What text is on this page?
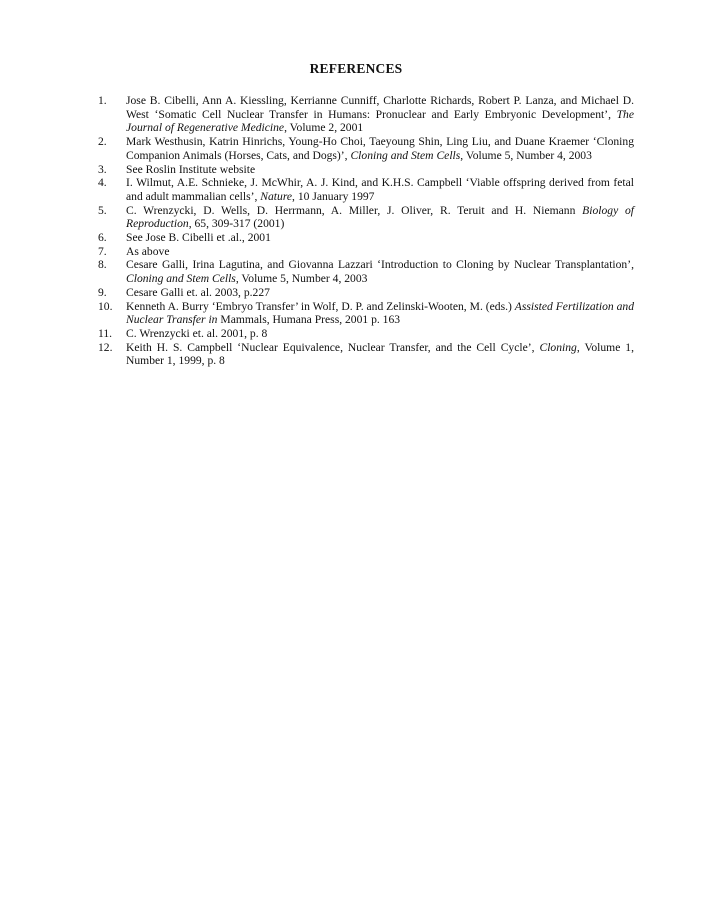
REFERENCES
1.	Jose B. Cibelli, Ann A. Kiessling, Kerrianne Cunniff, Charlotte Richards, Robert P. Lanza, and Michael D. West ‘Somatic Cell Nuclear Transfer in Humans: Pronuclear and Early Embryonic Development’, The Journal of Regenerative Medicine, Volume 2, 2001
2.	Mark Westhusin, Katrin Hinrichs, Young-Ho Choi, Taeyoung Shin, Ling Liu, and Duane Kraemer ‘Cloning Companion Animals (Horses, Cats, and Dogs)’, Cloning and Stem Cells, Volume 5, Number 4, 2003
3.	See Roslin Institute website
4.	I. Wilmut, A.E. Schnieke, J. McWhir, A. J. Kind, and K.H.S. Campbell ‘Viable offspring derived from fetal and adult mammalian cells’, Nature, 10 January 1997
5.	C. Wrenzycki, D. Wells, D. Herrmann, A. Miller, J. Oliver, R. Teruit and H. Niemann Biology of Reproduction, 65, 309-317 (2001)
6.	See Jose B. Cibelli et .al., 2001
7.	As above
8.	Cesare Galli, Irina Lagutina, and Giovanna Lazzari ‘Introduction to Cloning by Nuclear Transplantation’, Cloning and Stem Cells, Volume 5, Number 4, 2003
9.	Cesare Galli et. al. 2003, p.227
10.	Kenneth A. Burry ‘Embryo Transfer’ in Wolf, D. P. and Zelinski-Wooten, M. (eds.) Assisted Fertilization and Nuclear Transfer in Mammals, Humana Press, 2001 p. 163
11.	C. Wrenzycki et. al. 2001, p. 8
12.	Keith H. S. Campbell ‘Nuclear Equivalence, Nuclear Transfer, and the Cell Cycle’, Cloning, Volume 1, Number 1, 1999, p. 8
